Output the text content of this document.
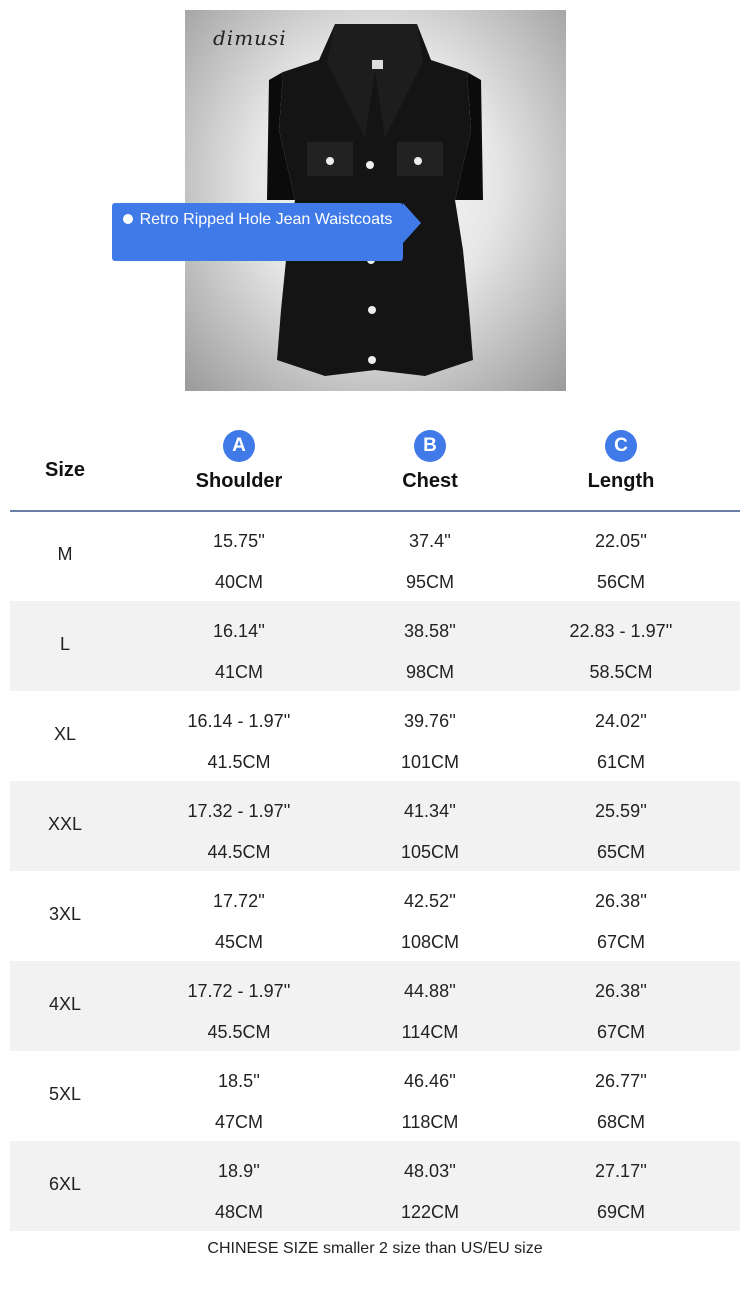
dimusi
Retro Ripped Hole Jean Waistcoats
Size
A
Shoulder
B
Chest
C
Length
M
15.75''
40CM
37.4''
95CM
22.05''
56CM
L
16.14''
41CM
38.58''
98CM
22.83 - 1.97''
58.5CM
XL
16.14 - 1.97''
41.5CM
39.76''
101CM
24.02''
61CM
XXL
17.32 - 1.97''
44.5CM
41.34''
105CM
25.59''
65CM
3XL
17.72''
45CM
42.52''
108CM
26.38''
67CM
4XL
17.72 - 1.97''
45.5CM
44.88''
114CM
26.38''
67CM
5XL
18.5''
47CM
46.46''
118CM
26.77''
68CM
6XL
18.9''
48CM
48.03''
122CM
27.17''
69CM
CHINESE SIZE smaller 2 size than US/EU size
